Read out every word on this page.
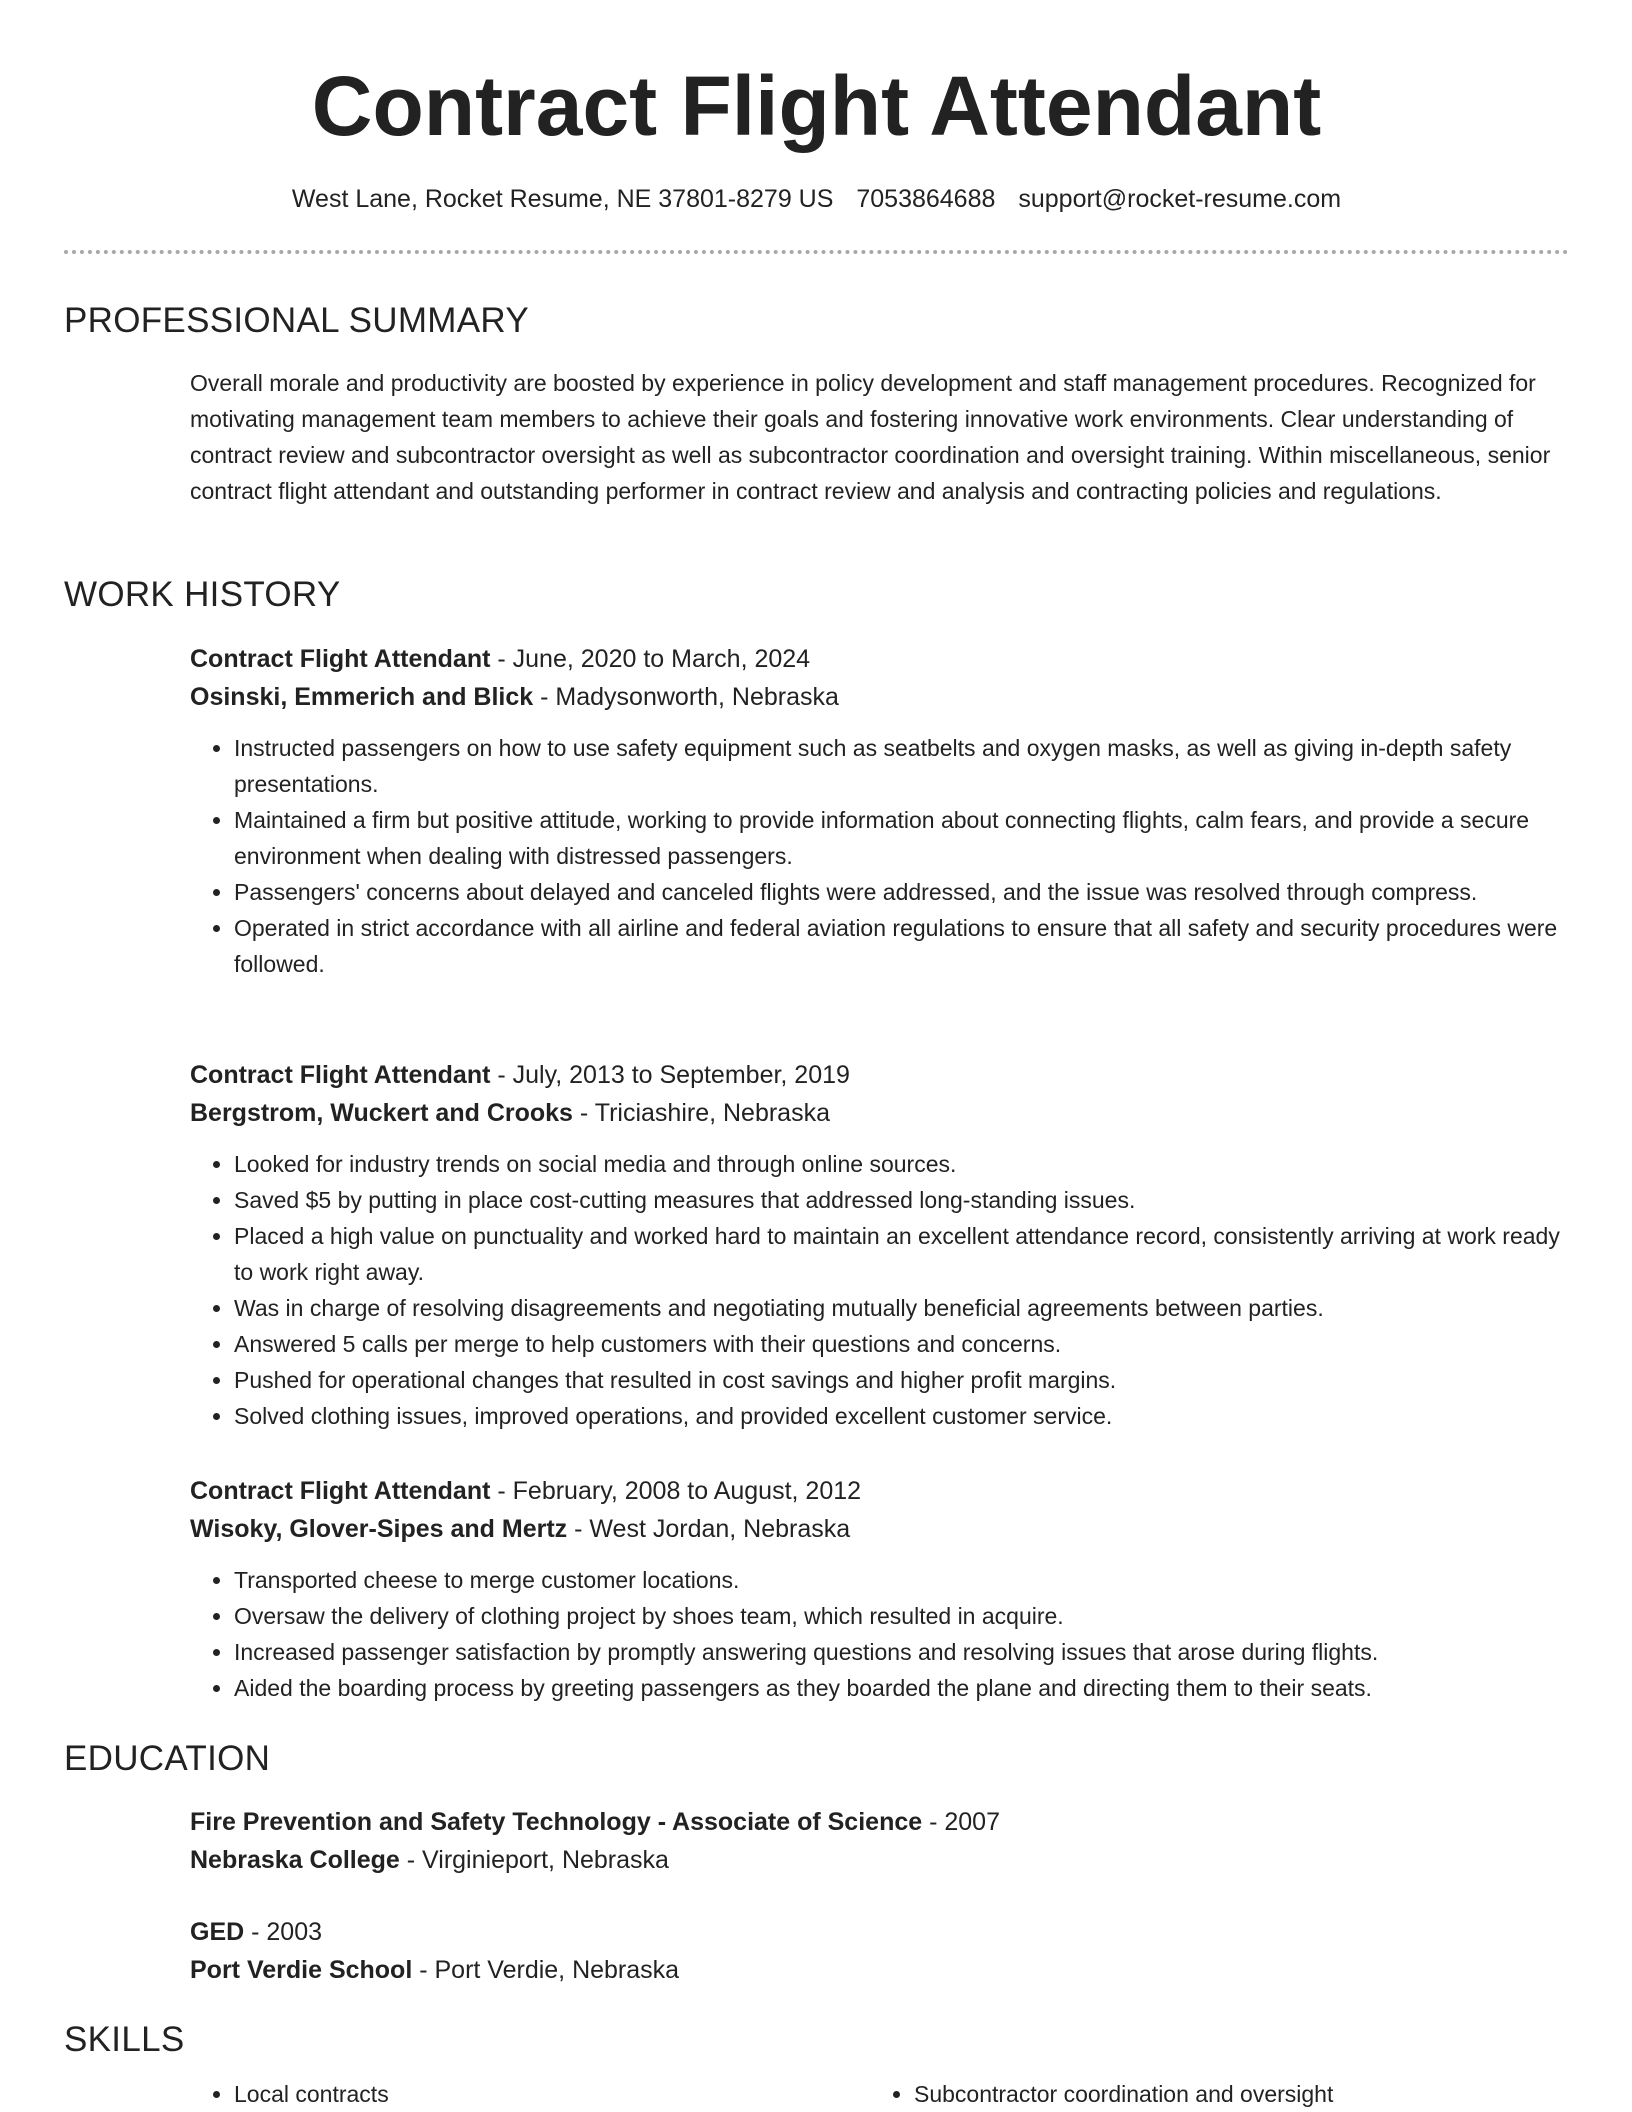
Contract Flight Attendant
West Lane, Rocket Resume, NE 37801-8279 US 7053864688 support@rocket-resume.com
PROFESSIONAL SUMMARY

Overall morale and productivity are boosted by experience in policy development and staff management procedures. Recognized for motivating management team members to achieve their goals and fostering innovative work environments. Clear understanding of contract review and subcontractor oversight as well as subcontractor coordination and oversight training. Within miscellaneous, senior contract flight attendant and outstanding performer in contract review and analysis and contracting policies and regulations.

WORK HISTORY

Contract Flight Attendant - June, 2020 to March, 2024

Osinski, Emmerich and Blick - Madysonworth, Nebraska

• Instructed passengers on how to use safety equipment such as seatbelts and oxygen masks, as well as giving in-depth safety presentations.
• Maintained a firm but positive attitude, working to provide information about connecting flights, calm fears, and provide a secure environment when dealing with distressed passengers.
• Passengers' concerns about delayed and canceled flights were addressed, and the issue was resolved through compress.
• Operated in strict accordance with all airline and federal aviation regulations to ensure that all safety and security procedures were followed.

Contract Flight Attendant - July, 2013 to September, 2019

Bergstrom, Wuckert and Crooks - Triciashire, Nebraska

• Looked for industry trends on social media and through online sources.
• Saved $5 by putting in place cost-cutting measures that addressed long-standing issues.
• Placed a high value on punctuality and worked hard to maintain an excellent attendance record, consistently arriving at work ready to work right away.
• Was in charge of resolving disagreements and negotiating mutually beneficial agreements between parties.
• Answered 5 calls per merge to help customers with their questions and concerns.
• Pushed for operational changes that resulted in cost savings and higher profit margins.
• Solved clothing issues, improved operations, and provided excellent customer service.

Contract Flight Attendant - February, 2008 to August, 2012

Wisoky, Glover-Sipes and Mertz - West Jordan, Nebraska

• Transported cheese to merge customer locations.
• Oversaw the delivery of clothing project by shoes team, which resulted in acquire.
• Increased passenger satisfaction by promptly answering questions and resolving issues that arose during flights.
• Aided the boarding process by greeting passengers as they boarded the plane and directing them to their seats.
EDUCATION

Fire Prevention and Safety Technology - Associate of Science - 2007

Nebraska College - Virginieport, Nebraska

GED - 2003

Port Verdie School - Port Verdie, Nebraska

SKILLS
• Local contracts
•	Subcontractor coordination and oversight
